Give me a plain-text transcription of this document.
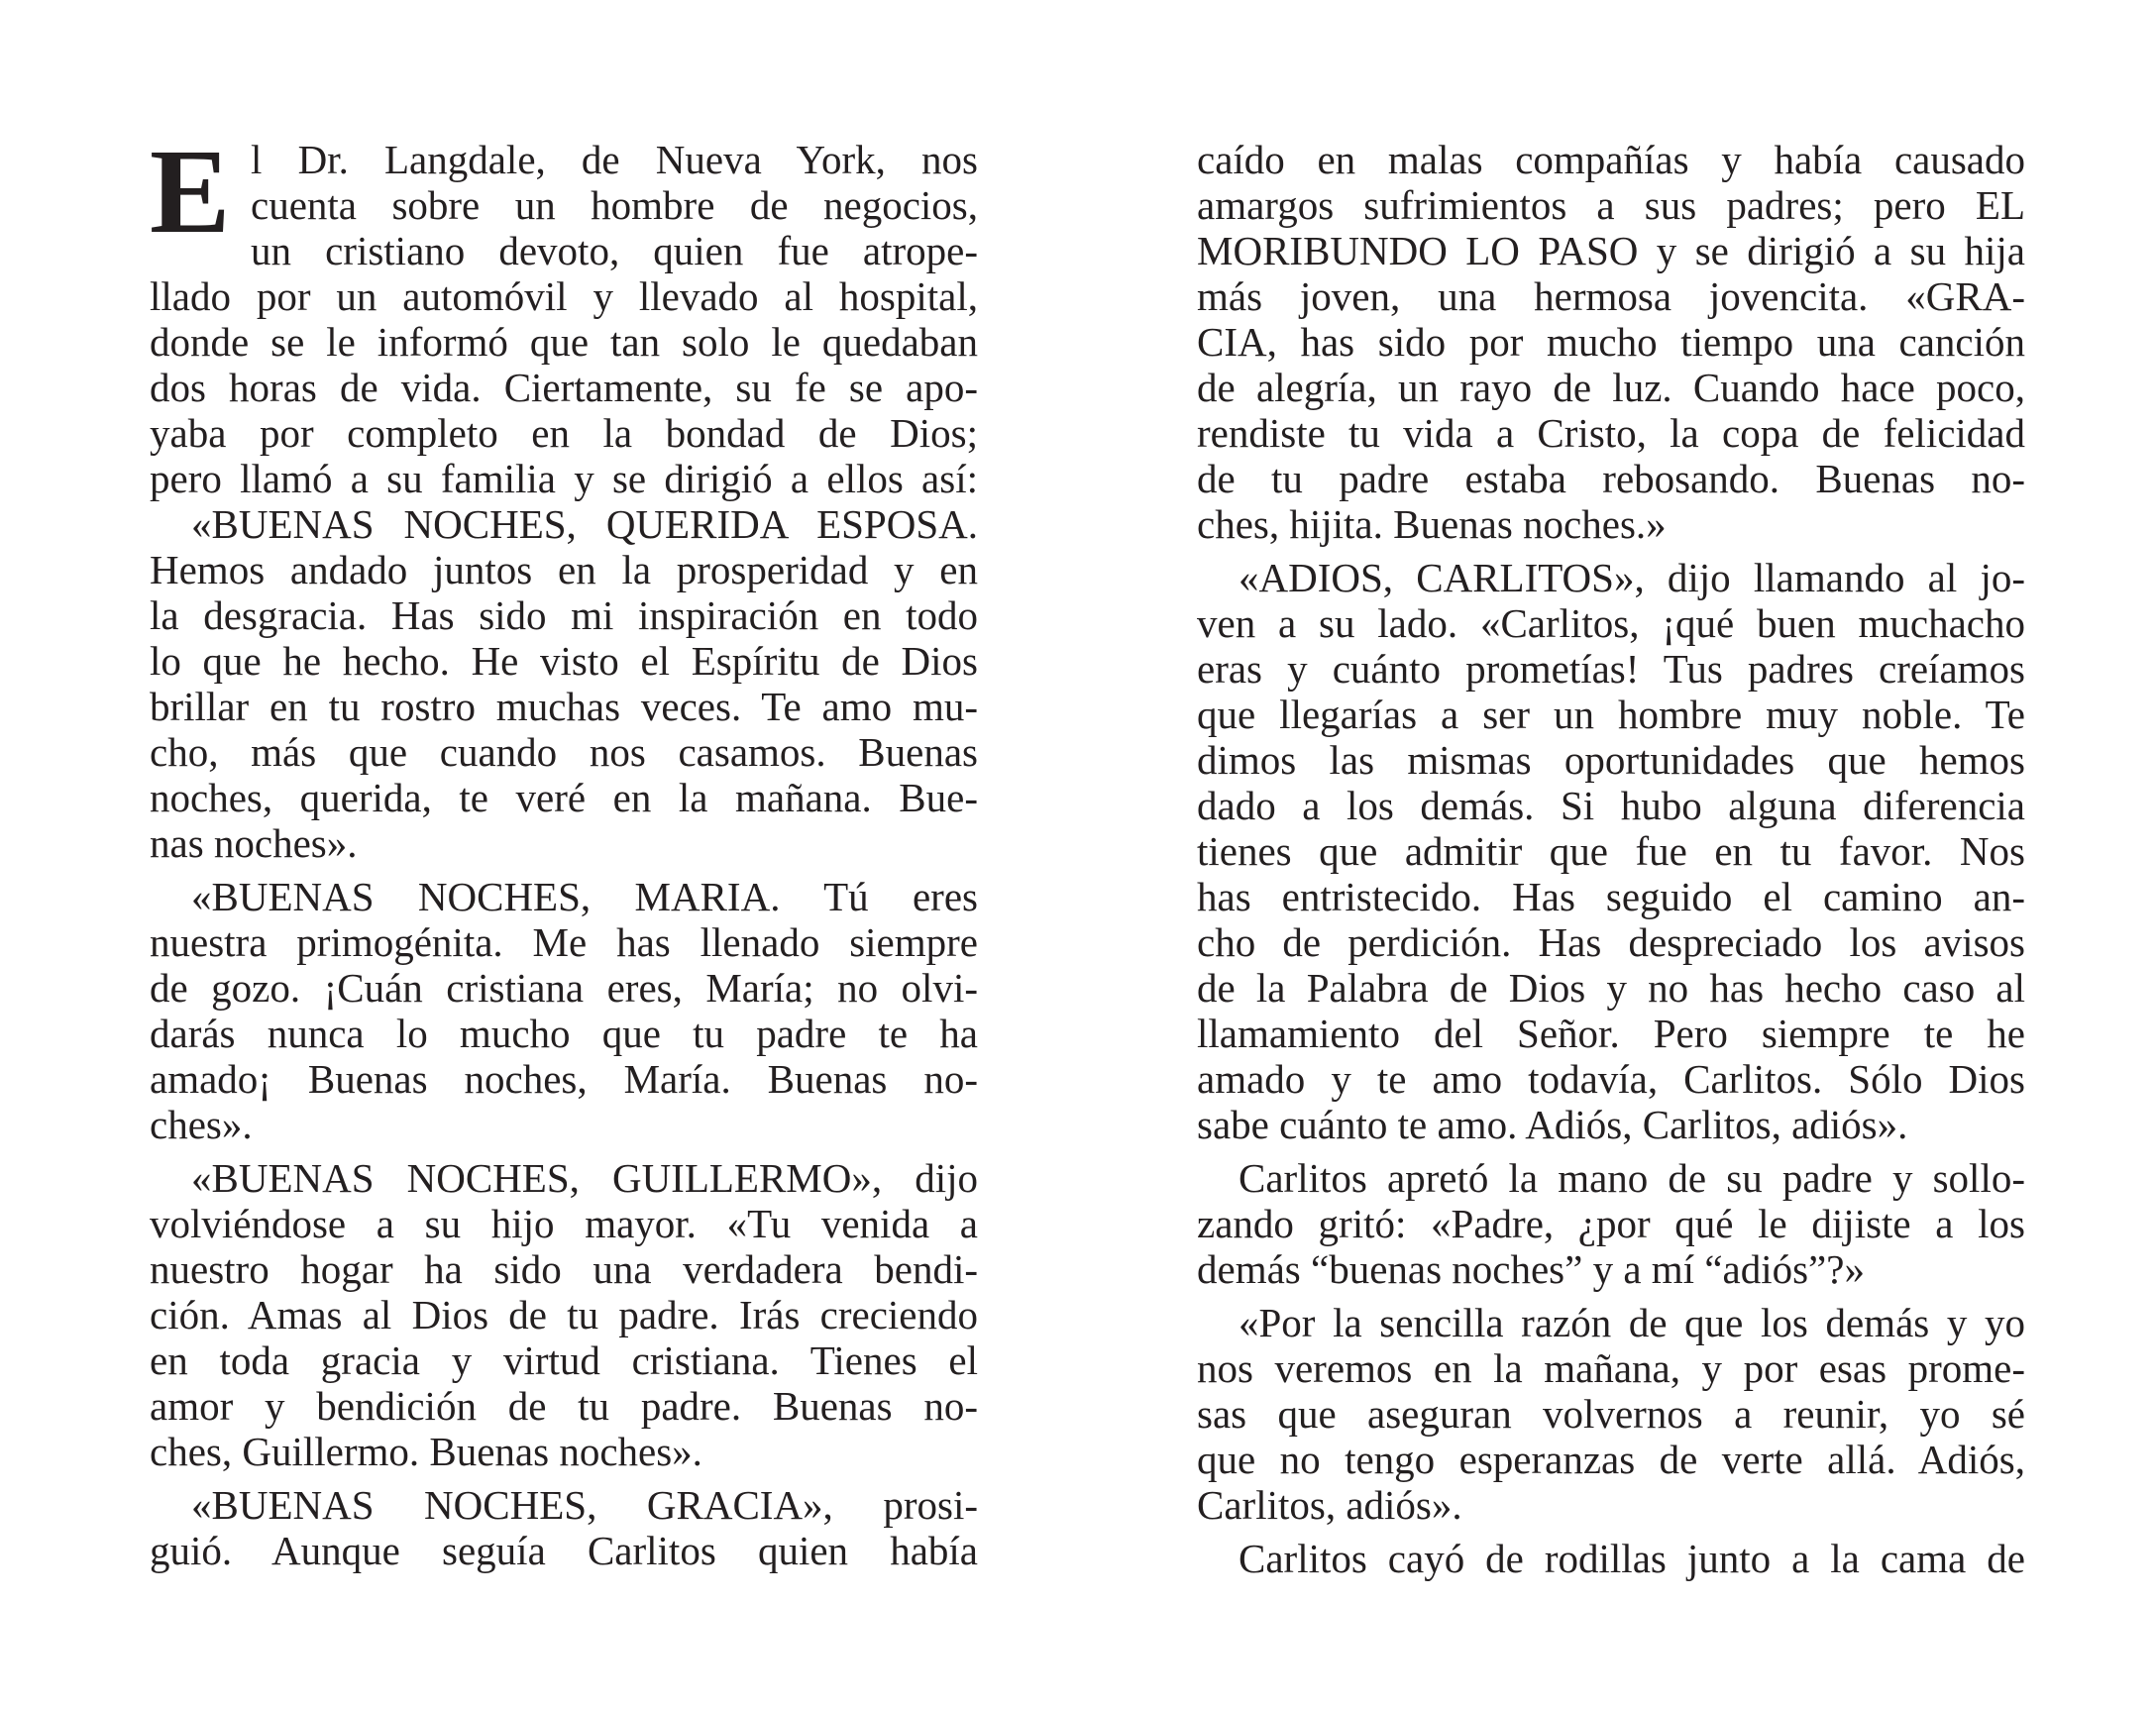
E l Dr. Langdale, de Nueva York, nos
cuenta sobre un hombre de negocios,
un cristiano devoto, quien fue atrope-
llado por un automóvil y llevado al hospital,
donde se le informó que tan solo le quedaban
dos horas de vida. Ciertamente, su fe se apo-
yaba por completo en la bondad de Dios;
pero llamó a su familia y se dirigió a ellos así:
«BUENAS NOCHES, QUERIDA ESPOSA.
Hemos andado juntos en la prosperidad y en
la desgracia. Has sido mi inspiración en todo
lo que he hecho. He visto el Espíritu de Dios
brillar en tu rostro muchas veces. Te amo mu-
cho, más que cuando nos casamos. Buenas
noches, querida, te veré en la mañana. Bue-
nas noches».
«BUENAS NOCHES, MARIA. Tú eres
nuestra primogénita. Me has llenado siempre
de gozo. ¡Cuán cristiana eres, María; no olvi-
darás nunca lo mucho que tu padre te ha
amado¡ Buenas noches, María. Buenas no-
ches».
«BUENAS NOCHES, GUILLERMO», dijo
volviéndose a su hijo mayor. «Tu venida a
nuestro hogar ha sido una verdadera bendi-
ción. Amas al Dios de tu padre. Irás creciendo
en toda gracia y virtud cristiana. Tienes el
amor y bendición de tu padre. Buenas no-
ches, Guillermo. Buenas noches».
«BUENAS NOCHES, GRACIA», prosi-
guió. Aunque seguía Carlitos quien había
caído en malas compañías y había causado
amargos sufrimientos a sus padres; pero EL
MORIBUNDO LO PASO y se dirigió a su hija
más joven, una hermosa jovencita. «GRA-
CIA, has sido por mucho tiempo una canción
de alegría, un rayo de luz. Cuando hace poco,
rendiste tu vida a Cristo, la copa de felicidad
de tu padre estaba rebosando. Buenas no-
ches, hijita. Buenas noches.»
«ADIOS, CARLITOS», dijo llamando al jo-
ven a su lado. «Carlitos, ¡qué buen muchacho
eras y cuánto prometías! Tus padres creíamos
que llegarías a ser un hombre muy noble. Te
dimos las mismas oportunidades que hemos
dado a los demás. Si hubo alguna diferencia
tienes que admitir que fue en tu favor. Nos
has entristecido. Has seguido el camino an-
cho de perdición. Has despreciado los avisos
de la Palabra de Dios y no has hecho caso al
llamamiento del Señor. Pero siempre te he
amado y te amo todavía, Carlitos. Sólo Dios
sabe cuánto te amo. Adiós, Carlitos, adiós».
Carlitos apretó la mano de su padre y sollo-
zando gritó: «Padre, ¿por qué le dijiste a los
demás “buenas noches” y a mí “adiós”?»
«Por la sencilla razón de que los demás y yo
nos veremos en la mañana, y por esas prome-
sas que aseguran volvernos a reunir, yo sé
que no tengo esperanzas de verte allá. Adiós,
Carlitos, adiós».
Carlitos cayó de rodillas junto a la cama de
